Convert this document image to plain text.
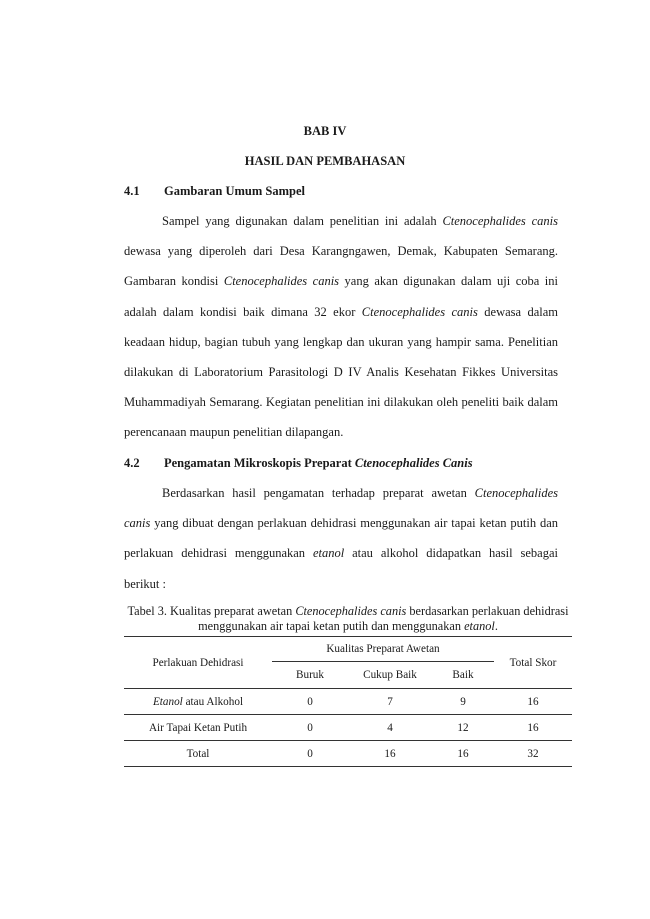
BAB IV
HASIL DAN PEMBAHASAN
4.1 Gambaran Umum Sampel

Sampel yang digunakan dalam penelitian ini adalah Ctenocephalides canis dewasa yang diperoleh dari Desa Karangngawen, Demak, Kabupaten Semarang. Gambaran kondisi Ctenocephalides canis yang akan digunakan dalam uji coba ini adalah dalam kondisi baik dimana 32 ekor Ctenocephalides canis dewasa dalam keadaan hidup, bagian tubuh yang lengkap dan ukuran yang hampir sama. Penelitian dilakukan di Laboratorium Parasitologi D IV Analis Kesehatan Fikkes Universitas Muhammadiyah Semarang. Kegiatan penelitian ini dilakukan oleh peneliti baik dalam perencanaan maupun penelitian dilapangan.

4.2 Pengamatan Mikroskopis Preparat Ctenocephalides Canis

Berdasarkan hasil pengamatan terhadap preparat awetan Ctenocephalides canis yang dibuat dengan perlakuan dehidrasi menggunakan air tapai ketan putih dan perlakuan dehidrasi menggunakan etanol atau alkohol didapatkan hasil sebagai berikut :

Tabel 3. Kualitas preparat awetan Ctenocephalides canis berdasarkan perlakuan dehidrasi menggunakan air tapai ketan putih dan menggunakan etanol.

Perlakuan Dehidrasi	Kualitas Preparat Awetan			Total Skor
	Buruk	Cukup Baik	Baik	
Etanol atau Alkohol	0	7	9	16
Air Tapai Ketan Putih	0	4	12	16
Total	0	16	16	32
